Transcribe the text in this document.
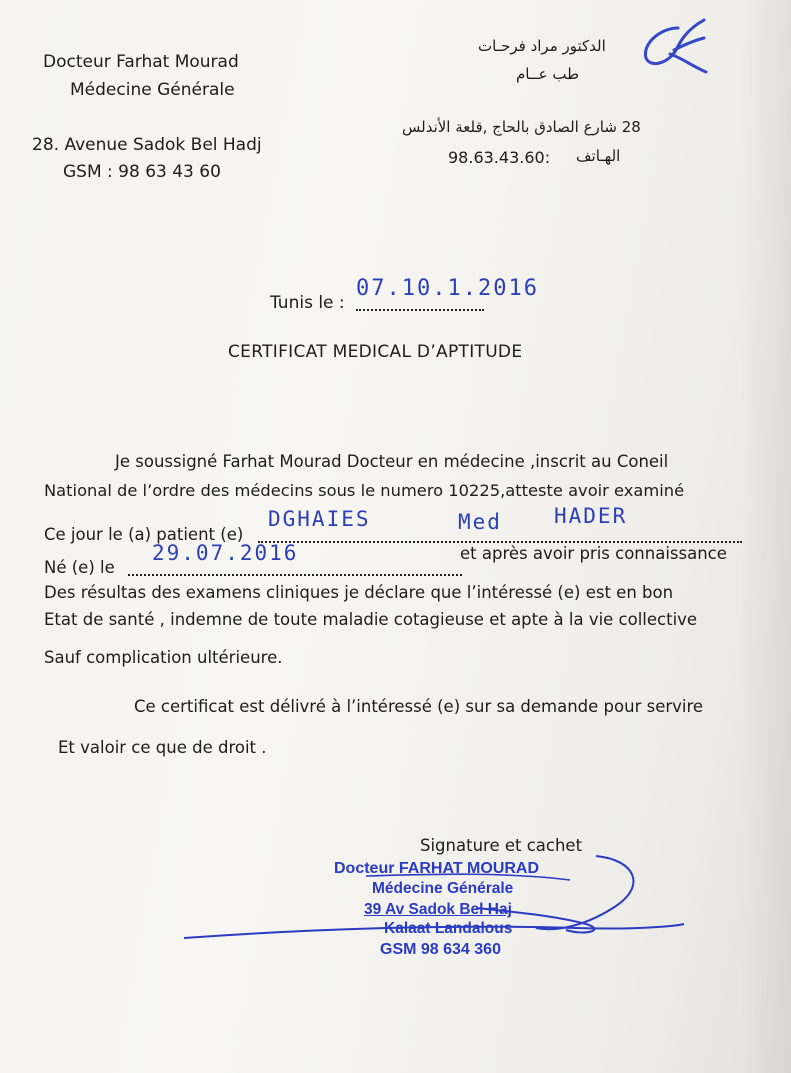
Docteur Farhat Mourad
Médecine Générale
28. Avenue Sadok Bel Hadj
GSM : 98 63 43 60
الدكتور مراد فرحـات
طب عــام
28 شارع الصادق بالحاج ,قلعة الأندلس
98.63.43.60: الهـاتف
Tunis le :
07.10.1.2016
CERTIFICAT MEDICAL D’APTITUDE
Je soussigné Farhat Mourad Docteur en médecine ,inscrit au Coneil
National de l’ordre des médecins sous le numero 10225,atteste avoir examiné
Ce jour le (a) patient (e)
DGHAIES	Med HADER
Né (e) le
29.07.2016	et après avoir pris connaissance
Des résultas des examens cliniques je déclare que l’intéressé (e) est en bon
Etat de santé , indemne de toute maladie cotagieuse et apte à la vie collective
Sauf complication ultérieure.
Ce certificat est délivré à l’intéressé (e) sur sa demande pour servire
Et valoir ce que de droit .
Signature et cachet
Docteur FARHAT MOURAD
Médecine Générale
39 Av Sadok Bel Haj
Kalaat Landalous
GSM 98 634 360
